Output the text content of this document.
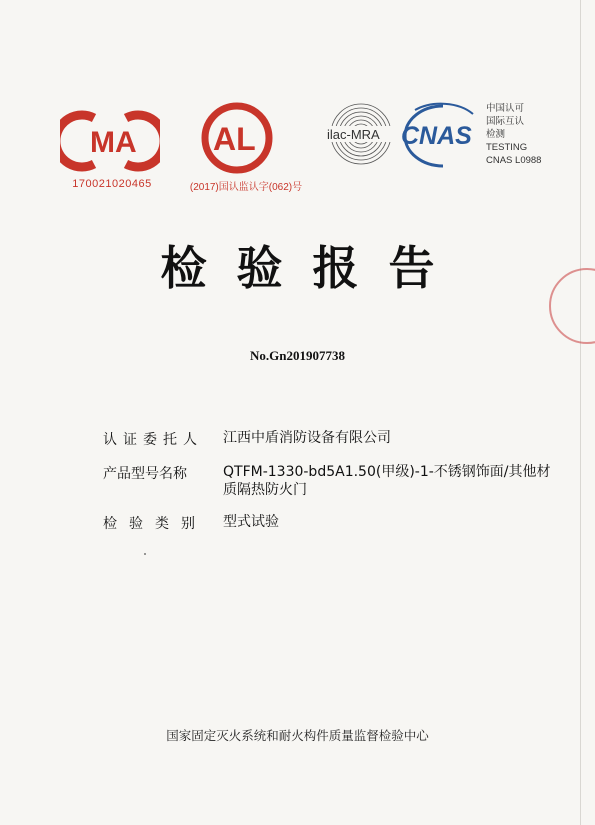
MA
170021020465
AL
(2017)国认监认字(062)号
ilac-MRA CNAS
中国认可
国际互认
检测
TESTING
CNAS L0988
检验报告
No.Gn201907738
认证委托人	江西中盾消防设备有限公司
产品型号名称	QTFM-1330-bd5A1.50(甲级)-1-不锈钢饰面/其他材质隔热防火门
检验类别	型式试验
国家固定灭火系统和耐火构件质量监督检验中心
